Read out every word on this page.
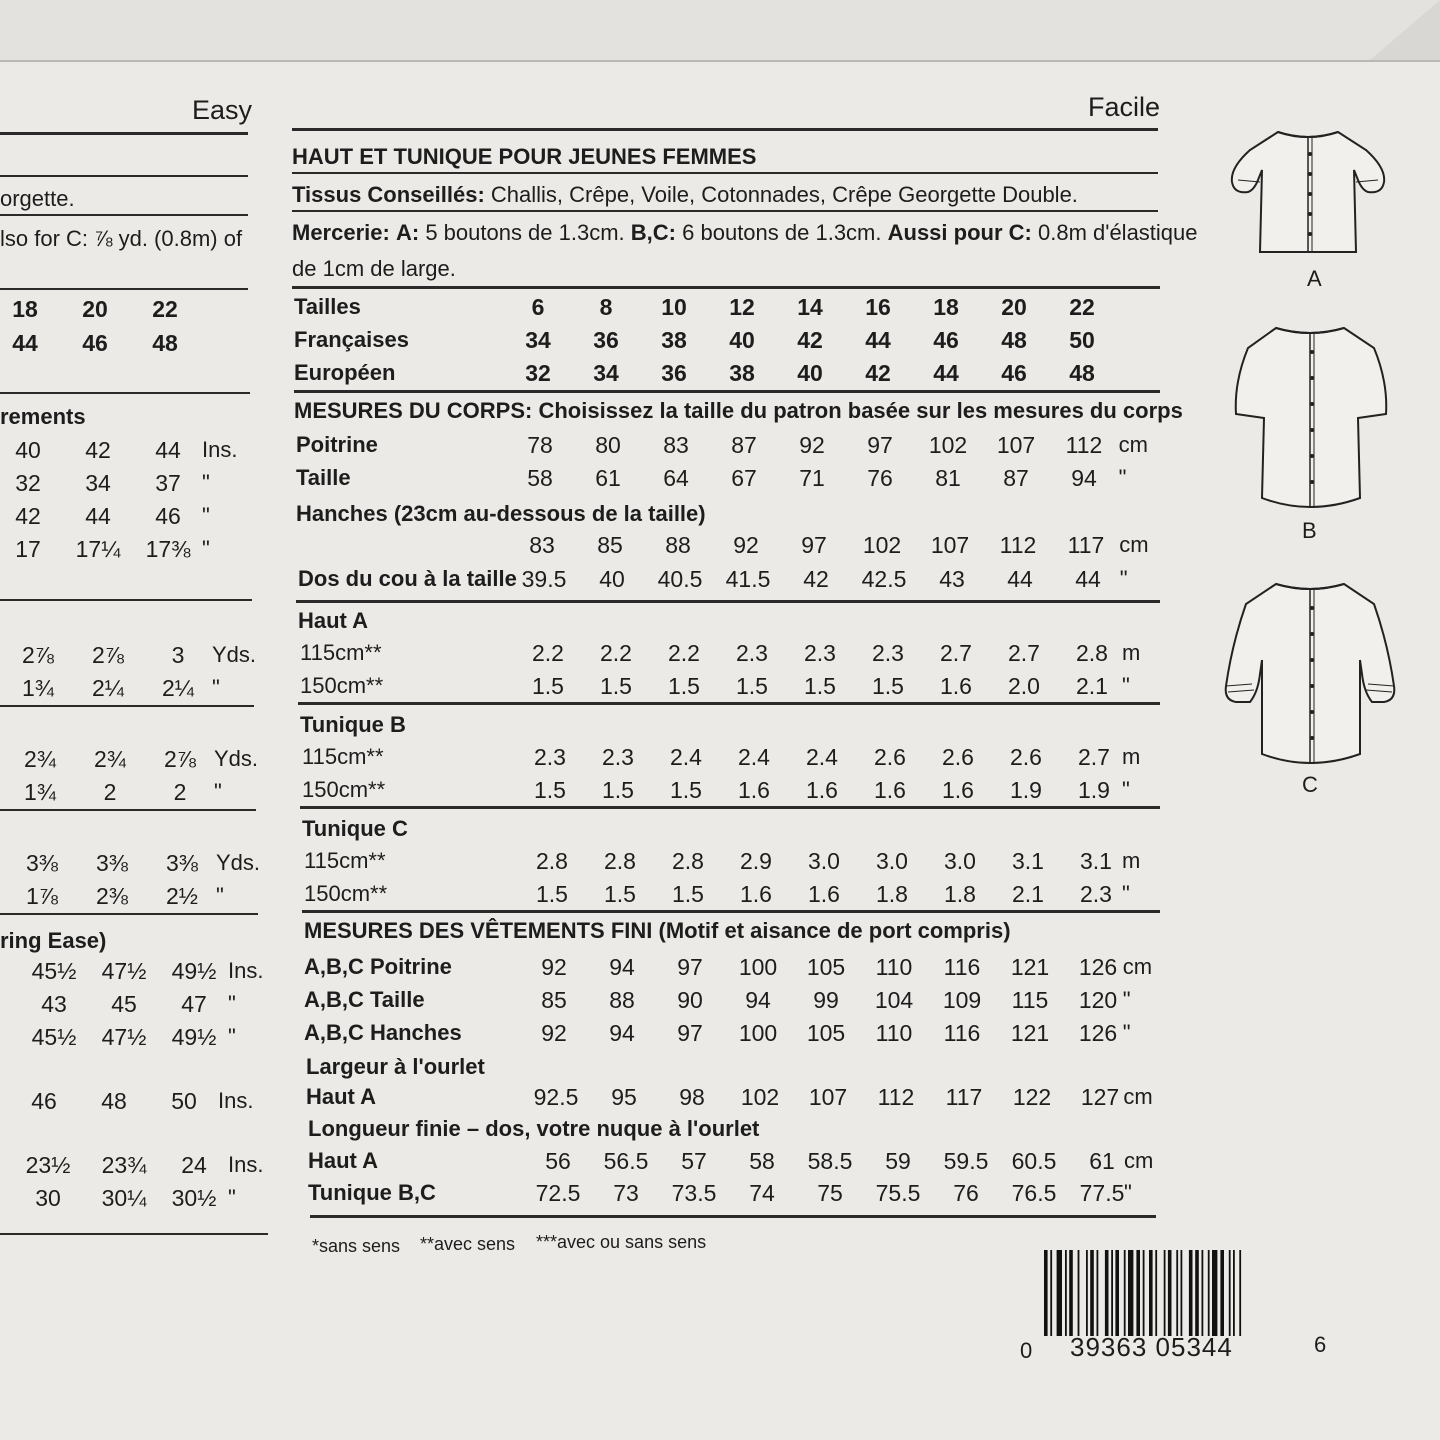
Easy
orgette.
lso for C: ⅞ yd. (0.8m) of
18	20	22
44	46	48
rements
40	42	44 Ins.
32	34	37 "
42	44	46 "
17	17¼	17⅜ "
2⅞	2⅞	3	Yds.
1¾	2¼	2¼ "
2¾	2¾	2⅞ Yds.
1¾	2	2	"
3⅜	3⅜	3⅜ Yds.
1⅞	2⅜	2½ "
ring Ease)
45½	47½	49½ Ins.
43	45	47 "
45½	47½	49½ "
46	48	50 Ins.
23½	23¾	24 Ins.
30	30¼	30½ "
Facile
HAUT ET TUNIQUE POUR JEUNES FEMMES
Tissus Conseillés: Challis, Crêpe, Voile, Cotonnades, Crêpe Georgette Double.
Mercerie: A: 5 boutons de 1.3cm. B,C: 6 boutons de 1.3cm. Aussi pour C: 0.8m d'élastique
de 1cm de large.
Tailles	6	8	10	12	14	16	18	20	22
Françaises	34	36	38	40	42	44	46	48	50
Européen	32	34	36	38	40	42	44	46	48
MESURES DU CORPS: Choisissez la taille du patron basée sur les mesures du corps
Poitrine	78	80	83	87	92	97	102	107	112 cm
Taille	58	61	64	67	71	76	81	87	94 "
Hanches (23cm au-dessous de la taille)
83	85	88	92	97	102	107	112	117 cm
Dos du cou à la taille 39.5	40	40.5	41.5	42	42.5	43	44	44 "
Haut A
115cm**	2.2	2.2	2.2	2.3	2.3	2.3	2.7	2.7	2.8 m
150cm**	1.5	1.5	1.5	1.5	1.5	1.5	1.6	2.0	2.1 "
Tunique B
115cm**	2.3	2.3	2.4	2.4	2.4	2.6	2.6	2.6	2.7 m
150cm**	1.5	1.5	1.5	1.6	1.6	1.6	1.6	1.9	1.9 "
Tunique C
115cm**	2.8	2.8	2.8	2.9	3.0	3.0	3.0	3.1	3.1 m
150cm**	1.5	1.5	1.5	1.6	1.6	1.8	1.8	2.1	2.3 "
MESURES DES VÊTEMENTS FINI (Motif et aisance de port compris)
A,B,C Poitrine	92	94	97	100	105	110	116	121	126 cm
A,B,C Taille	85	88	90	94	99	104	109	115	120 "
A,B,C Hanches	92	94	97	100	105	110	116	121	126 "
Largeur à l'ourlet
Haut A	92.5	95	98	102	107	112	117	122	127 cm
Longueur finie – dos, votre nuque à l'ourlet
Haut A	56	56.5	57	58	58.5	59	59.5	60.5	61 cm
Tunique B,C	72.5	73	73.5	74	75	75.5	76	76.5	77.5 "
*sans sens **avec sens ***avec ou sans sens
A
B
C
0 39363 05344	6
